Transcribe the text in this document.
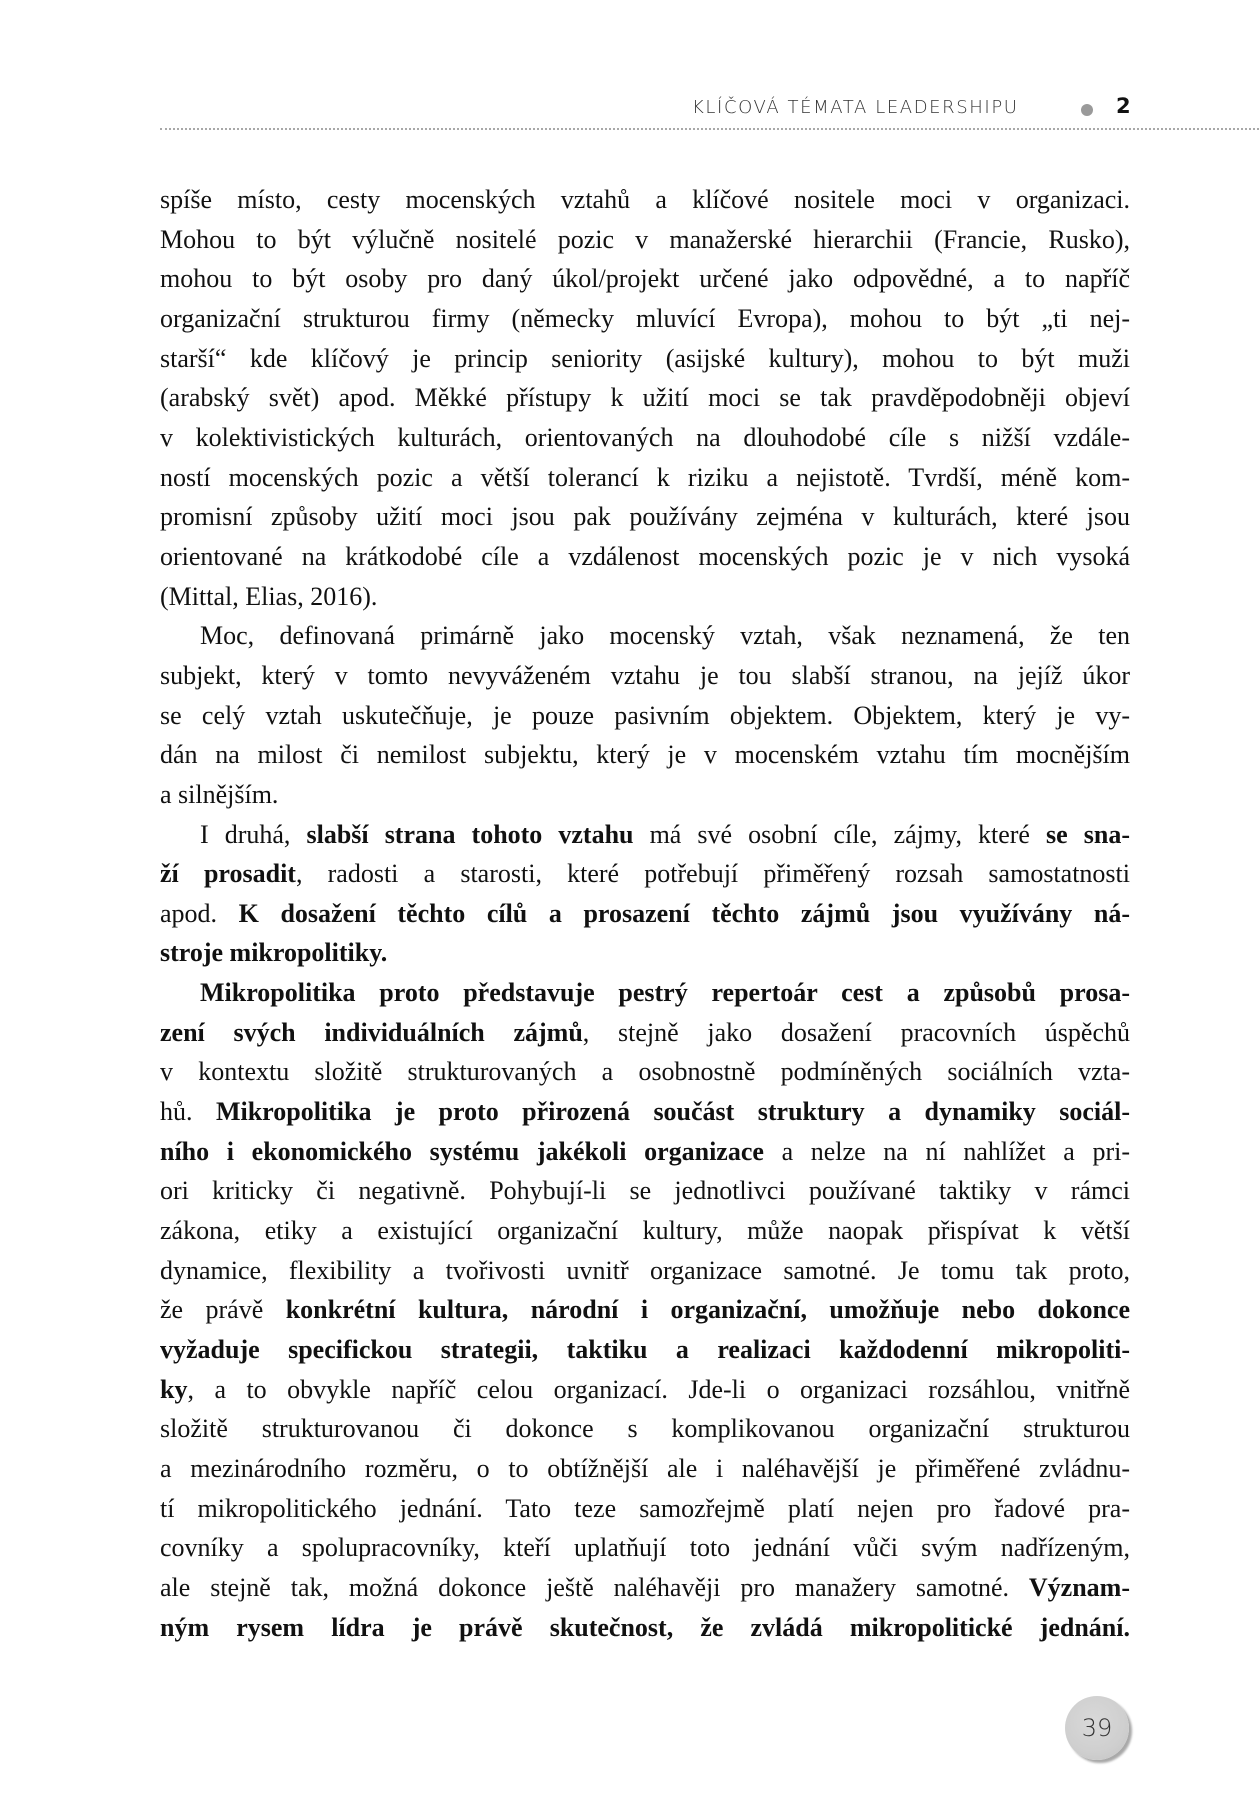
KLÍČOVÁ TÉMATA LEADERSHIPU	2
spíše místo, cesty mocenských vztahů a klíčové nositele moci v organizaci.
Mohou to být výlučně nositelé pozic v manažerské hierarchii (Francie, Rusko),
mohou to být osoby pro daný úkol/projekt určené jako odpovědné, a to napříč
organizační strukturou firmy (německy mluvící Evropa), mohou to být „ti nej-
starší“ kde klíčový je princip seniority (asijské kultury), mohou to být muži
(arabský svět) apod. Měkké přístupy k užití moci se tak pravděpodobněji objeví
v kolektivistických kulturách, orientovaných na dlouhodobé cíle s nižší vzdále-
ností mocenských pozic a větší tolerancí k riziku a nejistotě. Tvrdší, méně kom-
promisní způsoby užití moci jsou pak používány zejména v kulturách, které jsou
orientované na krátkodobé cíle a vzdálenost mocenských pozic je v nich vysoká
(Mittal, Elias, 2016).
Moc, definovaná primárně jako mocenský vztah, však neznamená, že ten
subjekt, který v tomto nevyváženém vztahu je tou slabší stranou, na jejíž úkor
se celý vztah uskutečňuje, je pouze pasivním objektem. Objektem, který je vy-
dán na milost či nemilost subjektu, který je v mocenském vztahu tím mocnějším
a silnějším.
I druhá, slabší strana tohoto vztahu má své osobní cíle, zájmy, které se sna-
ží prosadit, radosti a starosti, které potřebují přiměřený rozsah samostatnosti
apod. K dosažení těchto cílů a prosazení těchto zájmů jsou využívány ná-
stroje mikropolitiky.
Mikropolitika proto představuje pestrý repertoár cest a způsobů prosa-
zení svých individuálních zájmů, stejně jako dosažení pracovních úspěchů
v kontextu složitě strukturovaných a osobnostně podmíněných sociálních vzta-
hů. Mikropolitika je proto přirozená součást struktury a dynamiky sociál-
ního i ekonomického systému jakékoli organizace a nelze na ní nahlížet a pri-
ori kriticky či negativně. Pohybují-li se jednotlivci používané taktiky v rámci
zákona, etiky a existující organizační kultury, může naopak přispívat k větší
dynamice, flexibility a tvořivosti uvnitř organizace samotné. Je tomu tak proto,
že právě konkrétní kultura, národní i organizační, umožňuje nebo dokonce
vyžaduje specifickou strategii, taktiku a realizaci každodenní mikropoliti-
ky, a to obvykle napříč celou organizací. Jde-li o organizaci rozsáhlou, vnitřně
složitě strukturovanou či dokonce s komplikovanou organizační strukturou
a mezinárodního rozměru, o to obtížnější ale i naléhavější je přiměřené zvládnu-
tí mikropolitického jednání. Tato teze samozřejmě platí nejen pro řadové pra-
covníky a spolupracovníky, kteří uplatňují toto jednání vůči svým nadřízeným,
ale stejně tak, možná dokonce ještě naléhavěji pro manažery samotné. Význam-
ným rysem lídra je právě skutečnost, že zvládá mikropolitické jednání.
39
